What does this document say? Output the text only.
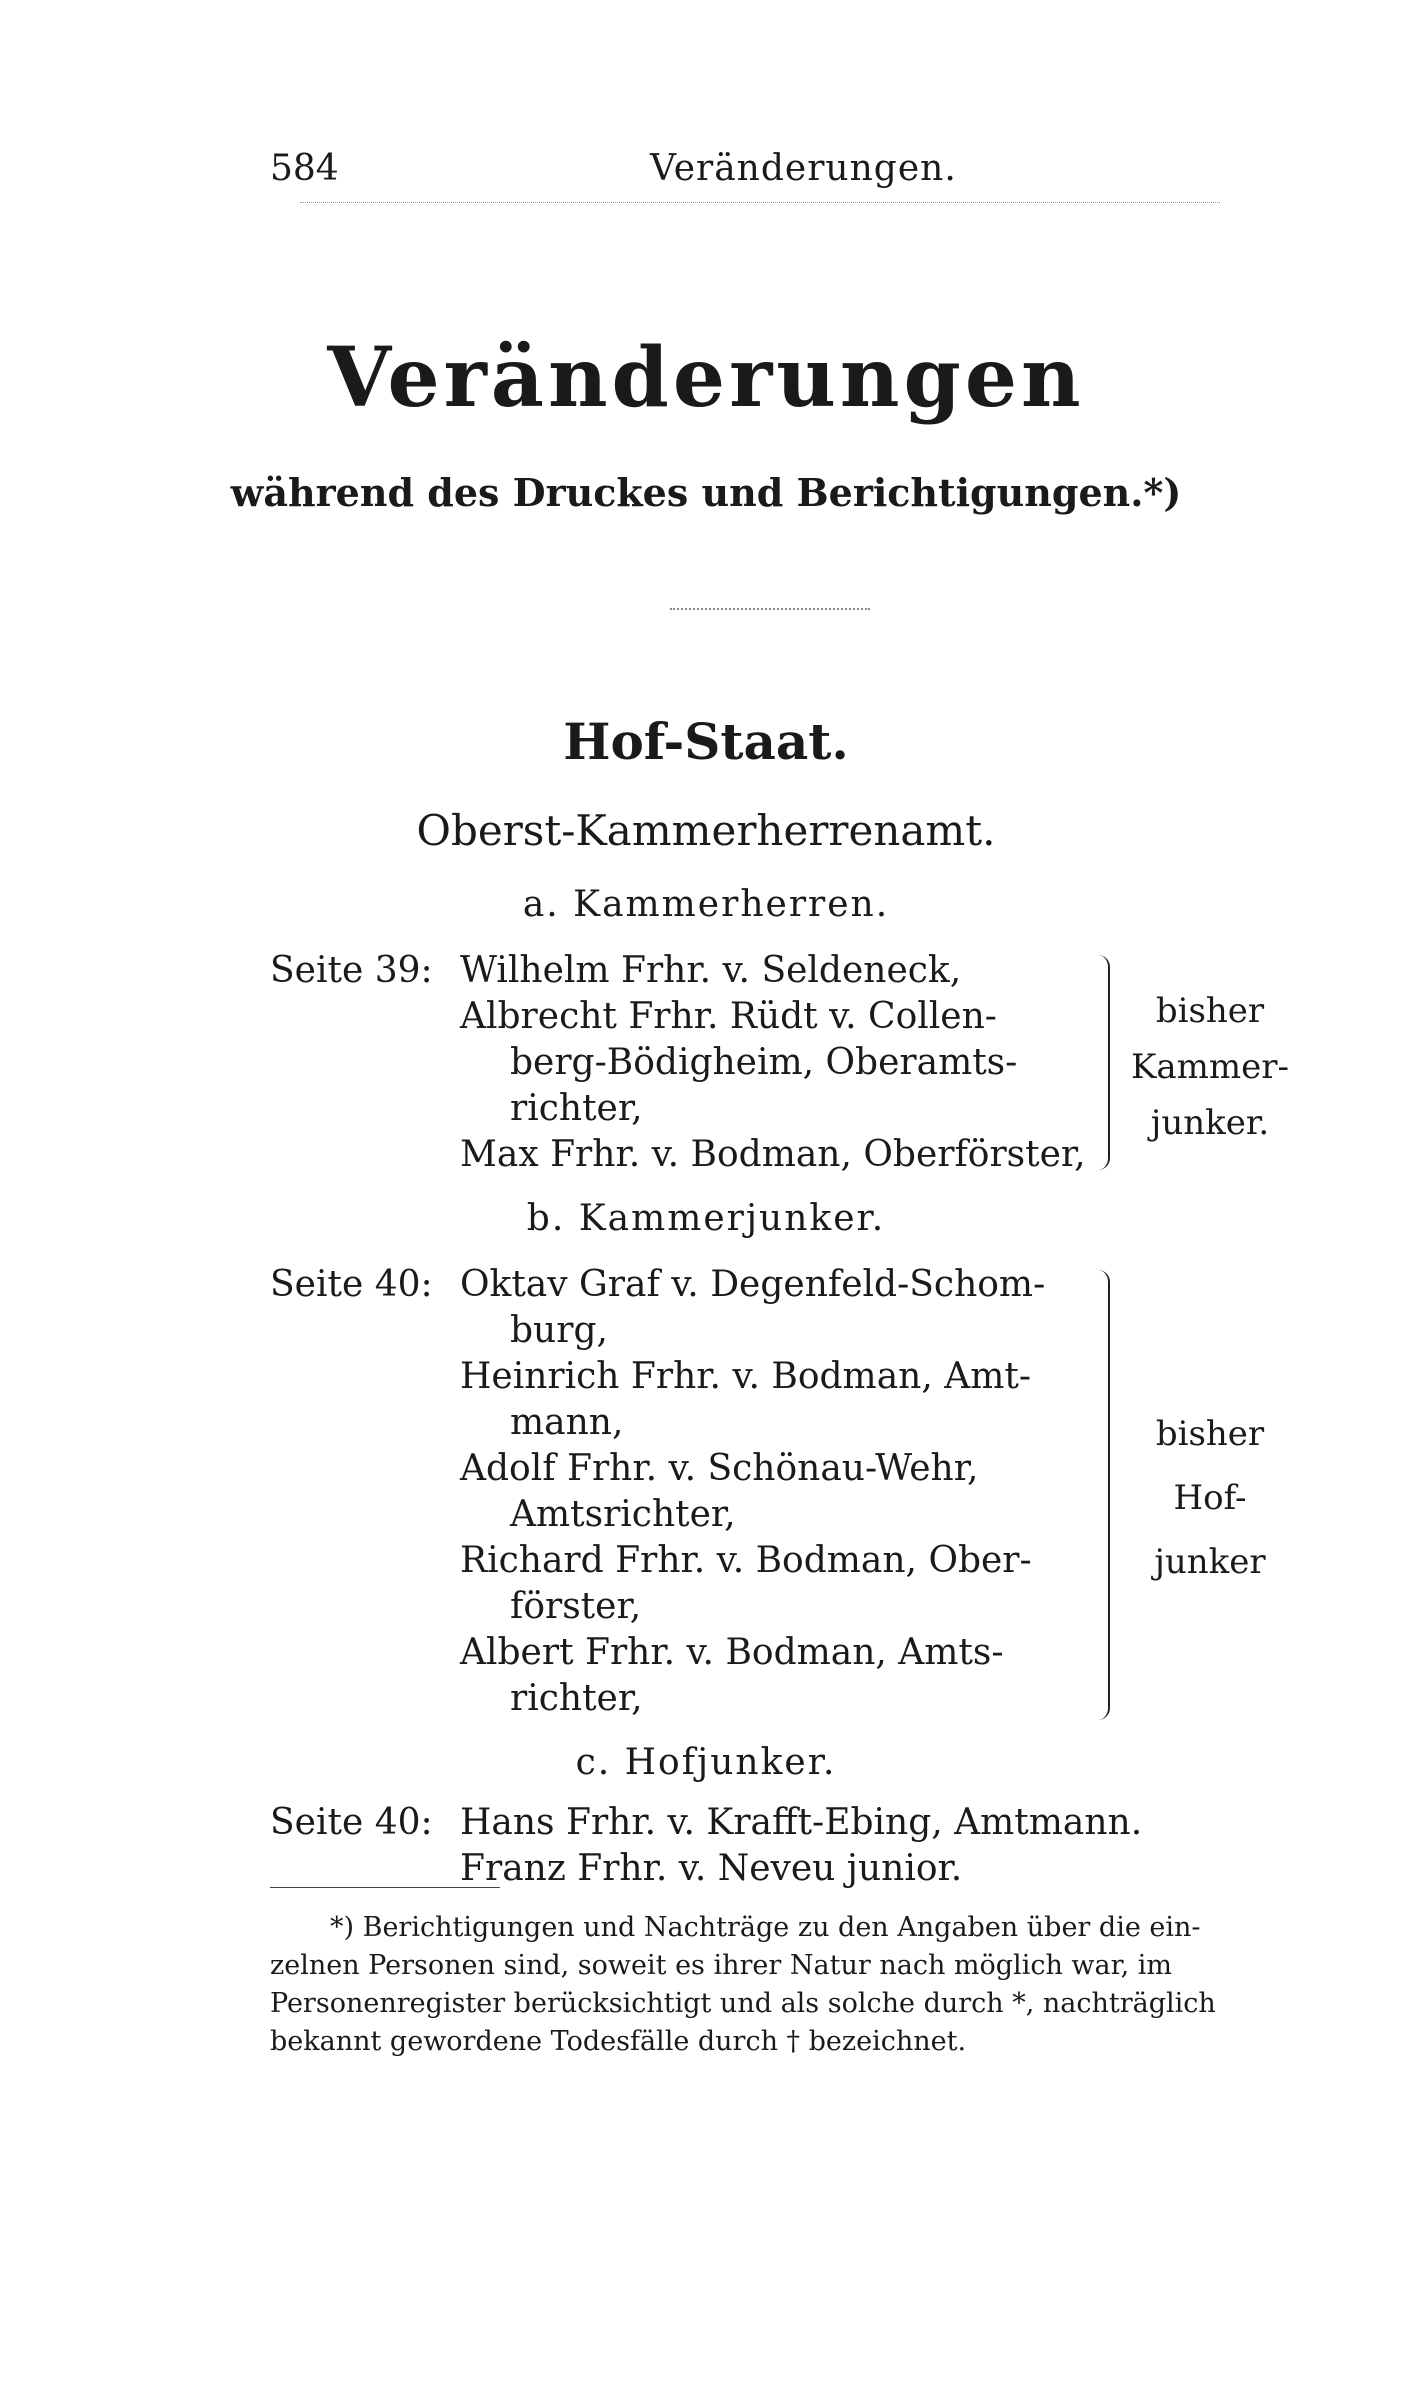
584	Veränderungen.
Veränderungen
während des Druckes und Berichtigungen.*)
Hof-Staat.
Oberst-Kammerherrenamt.
a. Kammerherren.
Seite 39: Wilhelm Frhr. v. Seldeneck,
Albrecht Frhr. Rüdt v. Collen-
berg-Bödigheim, Oberamts-
richter,
Max Frhr. v. Bodman, Oberförster,
bisher
Kammer-
junker.
b. Kammerjunker.
Seite 40: Oktav Graf v. Degenfeld-Schom-
burg,
Heinrich Frhr. v. Bodman, Amt-
mann,
Adolf Frhr. v. Schönau-Wehr,
Amtsrichter,
Richard Frhr. v. Bodman, Ober-
förster,
Albert Frhr. v. Bodman, Amts-
richter,
bisher
Hof-
junker
c. Hofjunker.
Seite 40: Hans Frhr. v. Krafft-Ebing, Amtmann.
Franz Frhr. v. Neveu junior.
*) Berichtigungen und Nachträge zu den Angaben über die ein-
zelnen Personen sind, soweit es ihrer Natur nach möglich war, im
Personenregister berücksichtigt und als solche durch *, nachträglich
bekannt gewordene Todesfälle durch † bezeichnet.
